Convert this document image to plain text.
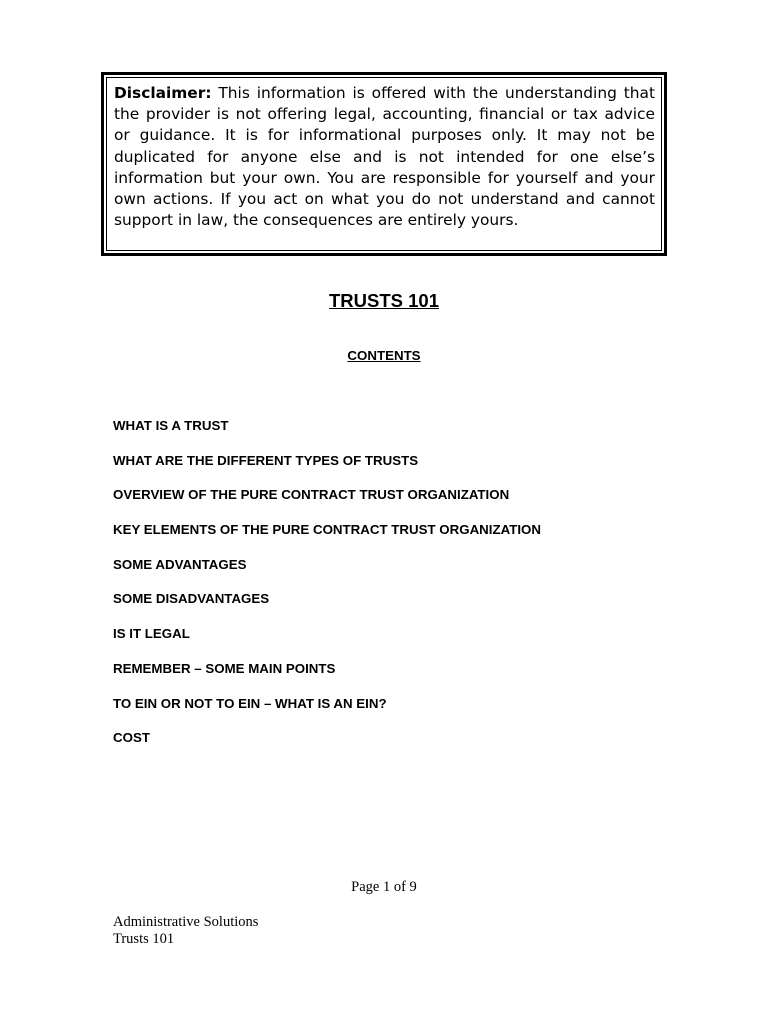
Disclaimer: This information is offered with the understanding that the provider is not offering legal, accounting, financial or tax advice or guidance. It is for informational purposes only. It may not be duplicated for anyone else and is not intended for one else’s information but your own. You are responsible for yourself and your own actions. If you act on what you do not understand and cannot support in law, the consequences are entirely yours.

TRUSTS 101
CONTENTS
WHAT IS A TRUST
WHAT ARE THE DIFFERENT TYPES OF TRUSTS
OVERVIEW OF THE PURE CONTRACT TRUST ORGANIZATION
KEY ELEMENTS OF THE PURE CONTRACT TRUST ORGANIZATION
SOME ADVANTAGES
SOME DISADVANTAGES
IS IT LEGAL
REMEMBER – SOME MAIN POINTS
TO EIN OR NOT TO EIN – WHAT IS AN EIN?
COST
Page 1 of 9
Administrative Solutions
Trusts 101
